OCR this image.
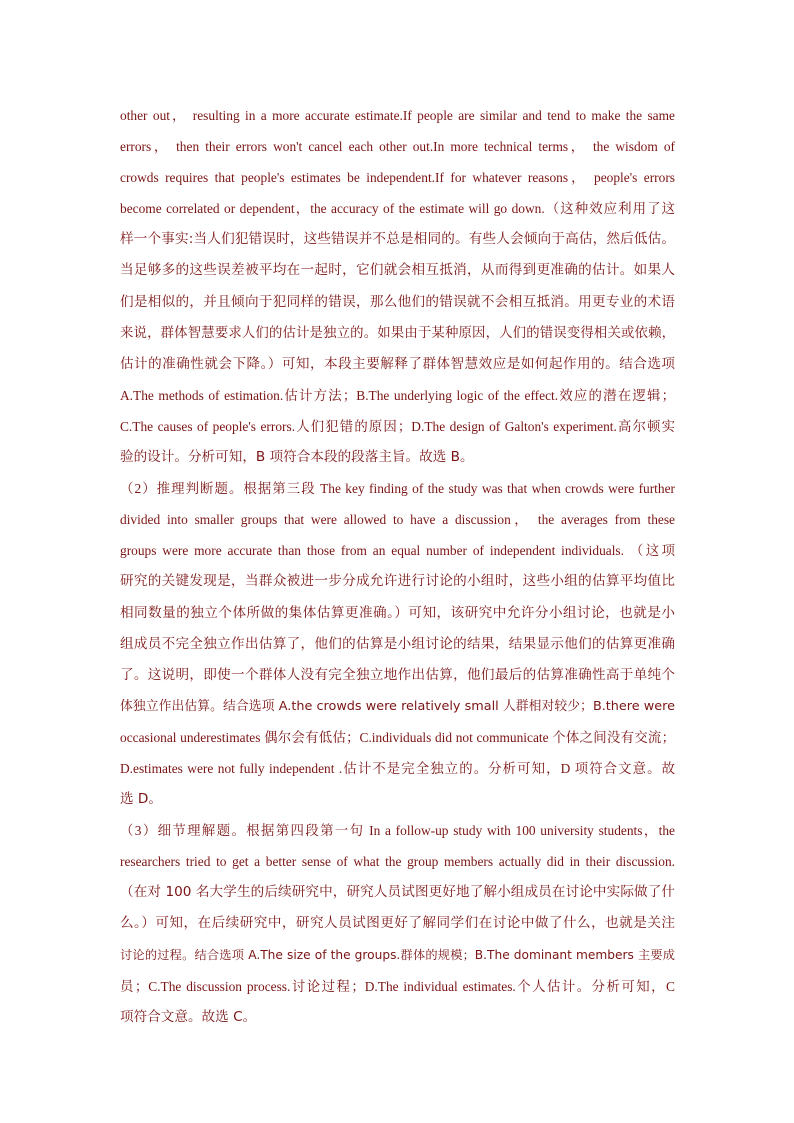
other out， resulting in a more accurate estimate.If people are similar and tend to make the same
errors， then their errors won't cancel each other out.In more technical terms， the wisdom of
crowds requires that people's estimates be independent.If for whatever reasons， people's errors
become correlated or dependent，the accuracy of the estimate will go down.（这种效应利用了这
样一个事实:当人们犯错误时，这些错误并不总是相同的。有些人会倾向于高估，然后低估。
当足够多的这些误差被平均在一起时，它们就会相互抵消，从而得到更准确的估计。如果人
们是相似的，并且倾向于犯同样的错误，那么他们的错误就不会相互抵消。用更专业的术语
来说，群体智慧要求人们的估计是独立的。如果由于某种原因，人们的错误变得相关或依赖，
估计的准确性就会下降。）可知，本段主要解释了群体智慧效应是如何起作用的。结合选项
A.The methods of estimation.估计方法；B.The underlying logic of the effect.效应的潜在逻辑；
C.The causes of people's errors.人们犯错的原因；D.The design of Galton's experiment.高尔顿实
验的设计。分析可知，B 项符合本段的段落主旨。故选 B。
（2）推理判断题。根据第三段 The key finding of the study was that when crowds were further
divided into smaller groups that were allowed to have a discussion， the averages from these
groups were more accurate than those from an equal number of independent individuals. （这项
研究的关键发现是，当群众被进一步分成允许进行讨论的小组时，这些小组的估算平均值比
相同数量的独立个体所做的集体估算更准确。）可知，该研究中允许分小组讨论，也就是小
组成员不完全独立作出估算了，他们的估算是小组讨论的结果，结果显示他们的估算更准确
了。这说明，即使一个群体人没有完全独立地作出估算，他们最后的估算准确性高于单纯个
体独立作出估算。结合选项 A.the crowds were relatively small 人群相对较少；B.there were
occasional underestimates 偶尔会有低估；C.individuals did not communicate 个体之间没有交流；
D.estimates were not fully independent .估计不是完全独立的。分析可知，D 项符合文意。故
选 D。
（3）细节理解题。根据第四段第一句 In a follow-up study with 100 university students，the
researchers tried to get a better sense of what the group members actually did in their discussion.
（在对 100 名大学生的后续研究中，研究人员试图更好地了解小组成员在讨论中实际做了什
么。）可知，在后续研究中，研究人员试图更好了解同学们在讨论中做了什么，也就是关注
讨论的过程。结合选项 A.The size of the groups.群体的规模；B.The dominant members 主要成
员；C.The discussion process.讨论过程；D.The individual estimates.个人估计。分析可知，C
项符合文意。故选 C。
